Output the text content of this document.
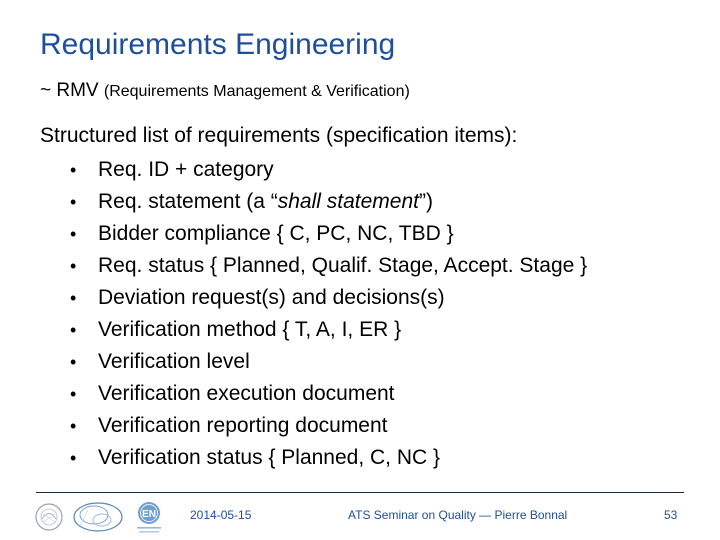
Requirements Engineering
~ RMV (Requirements Management & Verification)
Structured list of requirements (specification items):
•	Req. ID + category
•	Req. statement (a “shall statement”)
•	Bidder compliance { C, PC, NC, TBD }
•	Req. status { Planned, Qualif. Stage, Accept. Stage }
•	Deviation request(s) and decisions(s)
•	Verification method { T, A, I, ER }
•	Verification level
•	Verification execution document
•	Verification reporting document
•	Verification status { Planned, C, NC }
EN	2014-05-15	ATS Seminar on Quality — Pierre Bonnal	53
